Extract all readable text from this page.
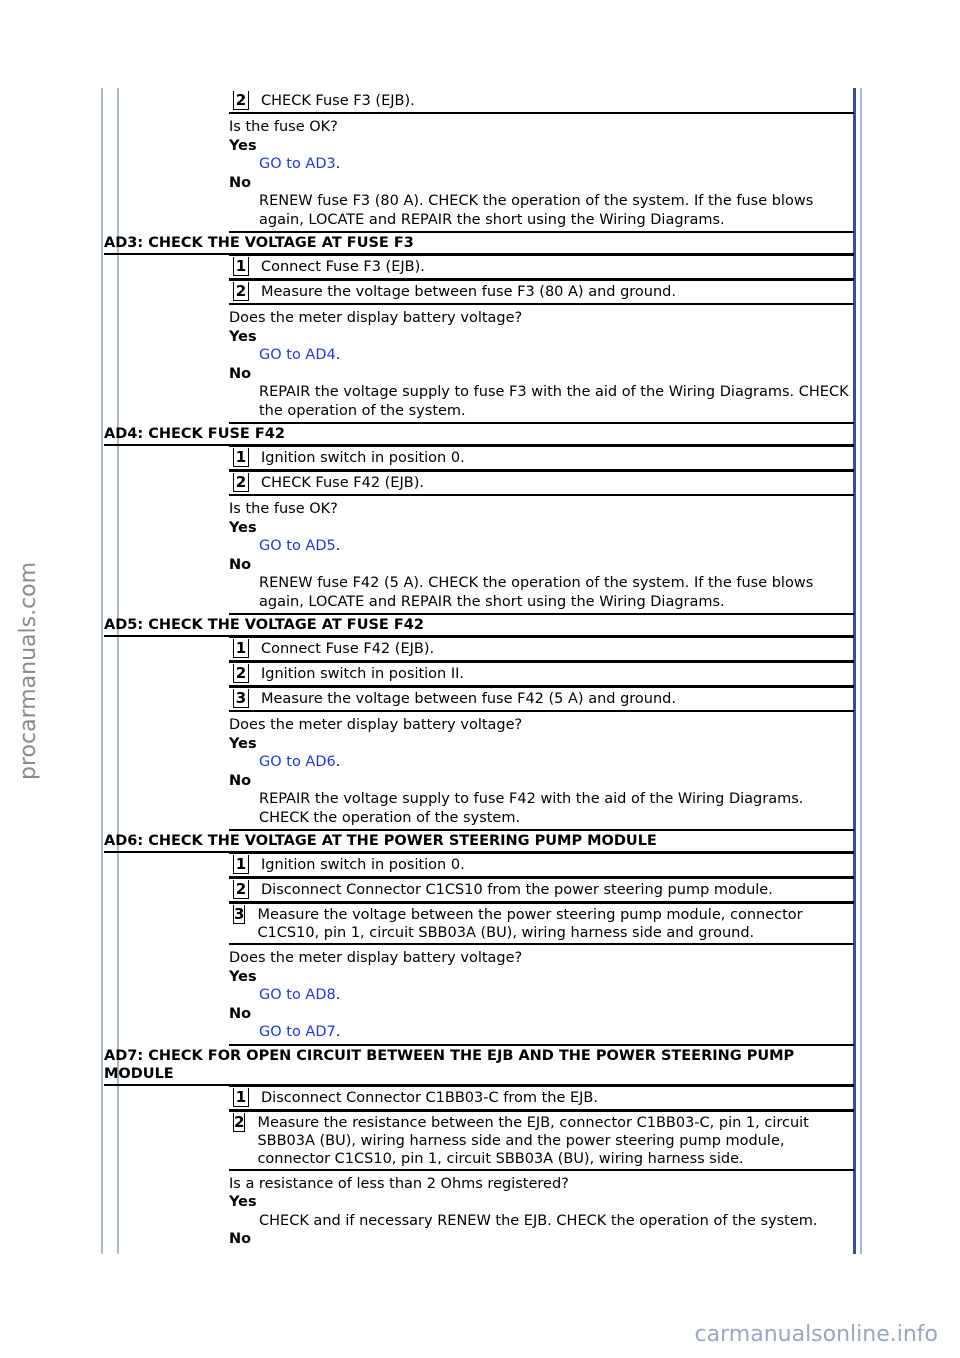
procarmanuals.com
carmanualsonline.info
2 CHECK Fuse F3 (EJB).
Is the fuse OK?
Yes
GO to AD3.
No
RENEW fuse F3 (80 A). CHECK the operation of the system. If the fuse blows again, LOCATE and REPAIR the short using the Wiring Diagrams.
AD3: CHECK THE VOLTAGE AT FUSE F3
1 Connect Fuse F3 (EJB).
2 Measure the voltage between fuse F3 (80 A) and ground.
Does the meter display battery voltage?
Yes
GO to AD4.
No
REPAIR the voltage supply to fuse F3 with the aid of the Wiring Diagrams. CHECK the operation of the system.
AD4: CHECK FUSE F42
1 Ignition switch in position 0.
2 CHECK Fuse F42 (EJB).
Is the fuse OK?
Yes
GO to AD5.
No
RENEW fuse F42 (5 A). CHECK the operation of the system. If the fuse blows again, LOCATE and REPAIR the short using the Wiring Diagrams.
AD5: CHECK THE VOLTAGE AT FUSE F42
1 Connect Fuse F42 (EJB).
2 Ignition switch in position II.
3 Measure the voltage between fuse F42 (5 A) and ground.
Does the meter display battery voltage?
Yes
GO to AD6.
No
REPAIR the voltage supply to fuse F42 with the aid of the Wiring Diagrams. CHECK the operation of the system.
AD6: CHECK THE VOLTAGE AT THE POWER STEERING PUMP MODULE
1 Ignition switch in position 0.
2 Disconnect Connector C1CS10 from the power steering pump module.
3 Measure the voltage between the power steering pump module, connector C1CS10, pin 1, circuit SBB03A (BU), wiring harness side and ground.
Does the meter display battery voltage?
Yes
GO to AD8.
No
GO to AD7.
AD7: CHECK FOR OPEN CIRCUIT BETWEEN THE EJB AND THE POWER STEERING PUMP MODULE
1 Disconnect Connector C1BB03-C from the EJB.
2 Measure the resistance between the EJB, connector C1BB03-C, pin 1, circuit SBB03A (BU), wiring harness side and the power steering pump module, connector C1CS10, pin 1, circuit SBB03A (BU), wiring harness side.
Is a resistance of less than 2 Ohms registered?
Yes
CHECK and if necessary RENEW the EJB. CHECK the operation of the system.
No
